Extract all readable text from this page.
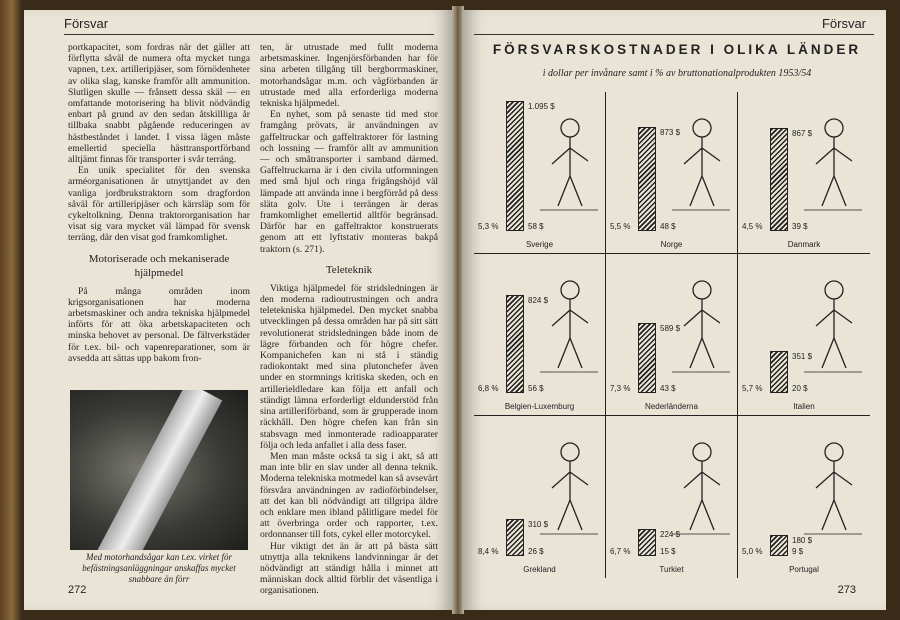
Försvar

portkapacitet, som fordras när det gäller att förflytta såväl de numera ofta mycket tunga vapnen, t.ex. artilleripjäser, som förnödenheter av olika slag, kanske framför allt ammunition. Slutligen skulle — frånsett dessa skäl — en omfattande motorisering ha blivit nödvändig enbart på grund av den sedan åtskillliga år tillbaka snabbt pågående reduceringen av hästbeståndet i landet. I vissa lägen måste emellertid speciella hästtransportförband alltjämt finnas för transporter i svår terräng.

En unik specialitet för den svenska arméorganisationen är utnyttjandet av den vanliga jordbrukstraktorn som dragfordon såväl för artilleripjäser och kärrsläp som för cykeltolkning. Denna traktororganisation har visat sig vara mycket väl lämpad för svensk terräng, där den visat god framkomlighet.

Motoriserade och mekaniserade hjälpmedel

På många områden inom krigsorganisationen har moderna arbetsmaskiner och andra tekniska hjälpmedel införts för att öka arbetskapaciteten och minska behovet av personal. De fältverkstäder för t.ex. bil- och vapenreparationer, som är avsedda att sättas upp bakom fron-

Med motorhandsågar kan t.ex. virket för befästningsanläggningar anskaffas mycket snabbare än förr

ten, är utrustade med fullt moderna arbetsmaskiner. Ingenjörsförbanden har för sina arbeten tillgång till bergborrmaskiner, motorhandsågar m.m. och vägförbanden är utrustade med alla erforderliga moderna tekniska hjälpmedel.

En nyhet, som på senaste tid med stor framgång prövats, är användningen av gaffeltruckar och gaffeltraktorer för lastning och lossning — framför allt av ammunition — och småtransporter i samband därmed. Gaffeltruckarna är i den civila utformningen med små hjul och ringa frigångshöjd väl lämpade att använda inne i bergförråd på dess släta golv. Ute i terrängen är deras framkomlighet emellertid alltför begränsad. Därför har en gaffeltraktor konstruerats genom att ett lyftstativ monteras bakpå traktorn (s. 271).

Teleteknik

Viktiga hjälpmedel för stridsledningen är den moderna radioutrustningen och andra teletekniska hjälpmedel. Den mycket snabba utvecklingen på dessa områden har på sitt sätt revolutionerat stridsledningen både inom de lägre förbanden och för högre chefer. Kompanichefen kan ni stå i ständig radiokontakt med sina plutonchefer även under en stormnings kritiska skeden, och en artillerieldledare kan följa ett anfall och ständigt lämna erforderligt eldunderstöd från sina artilleriförband, som är grupperade inom räckhåll. Den högre chefen kan från sin stabsvagn med inmonterade radioapparater följa och leda anfallet i alla dess faser.

Men man måste också ta sig i akt, så att man inte blir en slav under all denna teknik. Moderna telekniska motmedel kan så avsevärt försvåra användningen av radioförbindelser, att det kan bli nödvändigt att tillgripa äldre och enklare men ibland pålitligare medel för att överbringa order och rapporter, t.ex. ordonnanser till fots, cykel eller motorcykel.

Hur viktigt det än är att på bästa sätt utnyttja alla teknikens landvinningar är det nödvändigt att ständigt hålla i minnet att människan dock alltid förblir det väsentliga i organisationen.

272
Försvar
FÖRSVARSKOSTNADER I OLIKA LÄNDER
i dollar per invånare samt i % av bruttonationalprodukten 1953/54
1.095 $
5,3 %	58 $
Sverige
873 $
5,5 %	48 $
Norge
867 $
4,5 %	39 $
Danmark
824 $
6,8 %	56 $
Belgien-Luxemburg
589 $
7,3 %	43 $
Nederländerna
351 $
5,7 %	20 $
Italien
310 $
8,4 %	26 $
Grekland
224 $
6,7 %	15 $
Turkiet
180 $
5,0 %	9 $
Portugal
273
